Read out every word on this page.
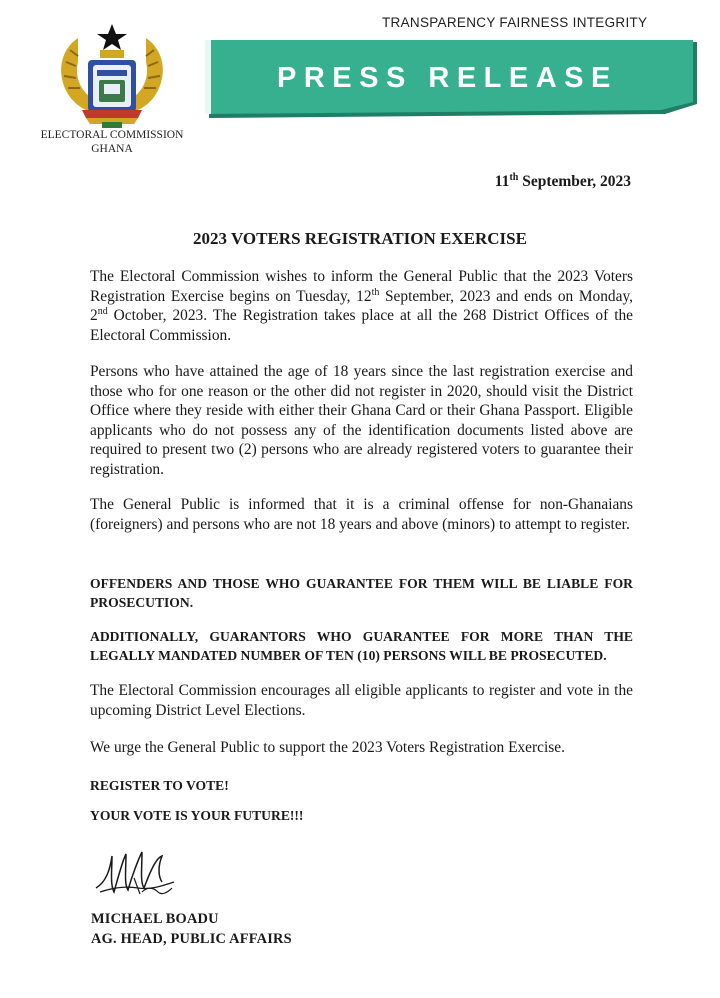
TRANSPARENCY FAIRNESS INTEGRITY
PRESS RELEASE
ELECTORAL COMMISSION
GHANA
11th September, 2023
2023 VOTERS REGISTRATION EXERCISE
The Electoral Commission wishes to inform the General Public that the 2023 Voters Registration Exercise begins on Tuesday, 12th September, 2023 and ends on Monday, 2nd October, 2023. The Registration takes place at all the 268 District Offices of the Electoral Commission.
Persons who have attained the age of 18 years since the last registration exercise and those who for one reason or the other did not register in 2020, should visit the District Office where they reside with either their Ghana Card or their Ghana Passport. Eligible applicants who do not possess any of the identification documents listed above are required to present two (2) persons who are already registered voters to guarantee their registration.
The General Public is informed that it is a criminal offense for non-Ghanaians (foreigners) and persons who are not 18 years and above (minors) to attempt to register.
OFFENDERS AND THOSE WHO GUARANTEE FOR THEM WILL BE LIABLE FOR PROSECUTION.
ADDITIONALLY, GUARANTORS WHO GUARANTEE FOR MORE THAN THE LEGALLY MANDATED NUMBER OF TEN (10) PERSONS WILL BE PROSECUTED.
The Electoral Commission encourages all eligible applicants to register and vote in the upcoming District Level Elections.
We urge the General Public to support the 2023 Voters Registration Exercise.
REGISTER TO VOTE!
YOUR VOTE IS YOUR FUTURE!!!
MICHAEL BOADU
AG. HEAD, PUBLIC AFFAIRS
